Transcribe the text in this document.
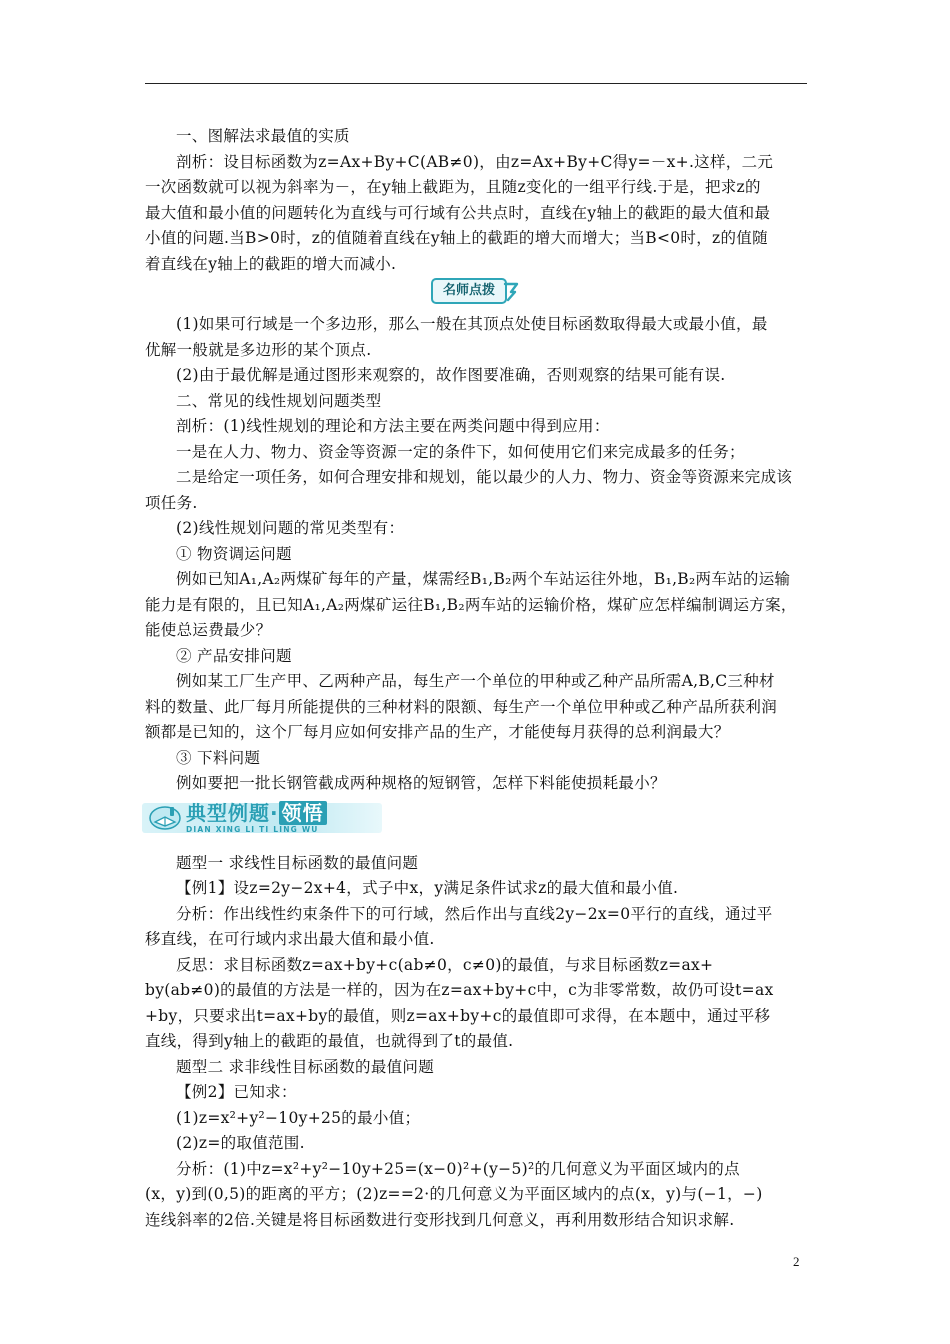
一、图解法求最值的实质

剖析：设目标函数为z=Ax+By+C(AB≠0)，由z=Ax+By+C得y=－x+.这样，二元

一次函数就可以视为斜率为－，在y轴上截距为，且随z变化的一组平行线.于是，把求z的

最大值和最小值的问题转化为直线与可行域有公共点时，直线在y轴上的截距的最大值和最

小值的问题.当B>0时，z的值随着直线在y轴上的截距的增大而增大；当B<0时，z的值随

着直线在y轴上的截距的增大而减小.

名师点拨

(1)如果可行域是一个多边形，那么一般在其顶点处使目标函数取得最大或最小值，最

优解一般就是多边形的某个顶点.

(2)由于最优解是通过图形来观察的，故作图要准确，否则观察的结果可能有误.

二、常见的线性规划问题类型

剖析：(1)线性规划的理论和方法主要在两类问题中得到应用：

一是在人力、物力、资金等资源一定的条件下，如何使用它们来完成最多的任务；

二是给定一项任务，如何合理安排和规划，能以最少的人力、物力、资金等资源来完成该

项任务.

(2)线性规划问题的常见类型有：

① 物资调运问题

例如已知A₁,A₂两煤矿每年的产量，煤需经B₁,B₂两个车站运往外地，B₁,B₂两车站的运输

能力是有限的，且已知A₁,A₂两煤矿运往B₁,B₂两车站的运输价格，煤矿应怎样编制调运方案，

能使总运费最少？

② 产品安排问题

例如某工厂生产甲、乙两种产品，每生产一个单位的甲种或乙种产品所需A,B,C三种材

料的数量、此厂每月所能提供的三种材料的限额、每生产一个单位甲种或乙种产品所获利润

额都是已知的，这个厂每月应如何安排产品的生产，才能使每月获得的总利润最大？

③ 下料问题

例如要把一批长钢管截成两种规格的短钢管，怎样下料能使损耗最小？

典型例题· 领悟
DIAN XING LI TI LING WU

题型一 求线性目标函数的最值问题

【例1】设z=2y−2x+4，式子中x，y满足条件试求z的最大值和最小值.

分析：作出线性约束条件下的可行域，然后作出与直线2y−2x=0平行的直线，通过平

移直线，在可行域内求出最大值和最小值.

反思：求目标函数z=ax+by+c(ab≠0，c≠0)的最值，与求目标函数z=ax+

by(ab≠0)的最值的方法是一样的，因为在z=ax+by+c中，c为非零常数，故仍可设t=ax

+by，只要求出t=ax+by的最值，则z=ax+by+c的最值即可求得，在本题中，通过平移

直线，得到y轴上的截距的最值，也就得到了t的最值.

题型二 求非线性目标函数的最值问题

【例2】已知求：

(1)z=x²+y²−10y+25的最小值；

(2)z=的取值范围.

分析：(1)中z=x²+y²−10y+25=(x−0)²+(y−5)²的几何意义为平面区域内的点

(x，y)到(0,5)的距离的平方；(2)z==2·的几何意义为平面区域内的点(x，y)与(−1，−)

连线斜率的2倍.关键是将目标函数进行变形找到几何意义，再利用数形结合知识求解.

2
